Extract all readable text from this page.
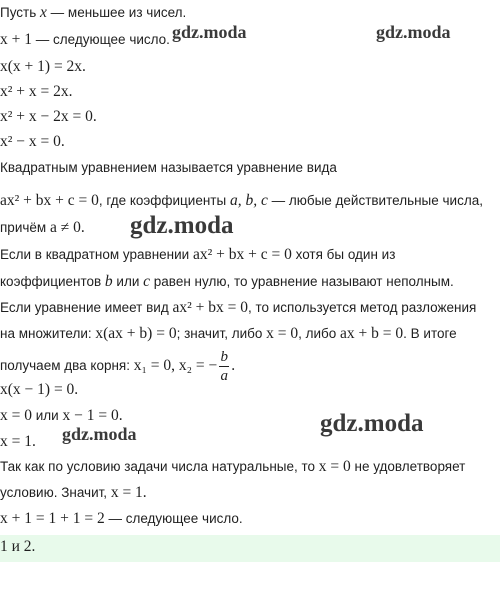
gdz.moda	gdz.moda
gdz.moda
gdz.moda
gdz.moda
Пусть x — меньшее из чисел.
x + 1 — следующее число.
x(x + 1) = 2x.
x² + x = 2x.
x² + x − 2x = 0.
x² − x = 0.
Квадратным уравнением называется уравнение вида
ax² + bx + c = 0, где коэффициенты a, b, c — любые действительные числа,
причём a ≠ 0.
Если в квадратном уравнении ax² + bx + c = 0 хотя бы один из
коэффициентов b или c равен нулю, то уравнение называют неполным.
Если уравнение имеет вид ax² + bx = 0, то используется метод разложения
на множители: x(ax + b) = 0; значит, либо x = 0, либо ax + b = 0. В итоге
получаем два корня: x₁ = 0, x₂ = − $\frac{b}{a}$ .
x(x − 1) = 0.
x = 0 или x − 1 = 0.
x = 1.
Так как по условию задачи числа натуральные, то x = 0 не удовлетворяет
условию. Значит, x = 1.
x + 1 = 1 + 1 = 2 — следующее число.
1 и 2.
